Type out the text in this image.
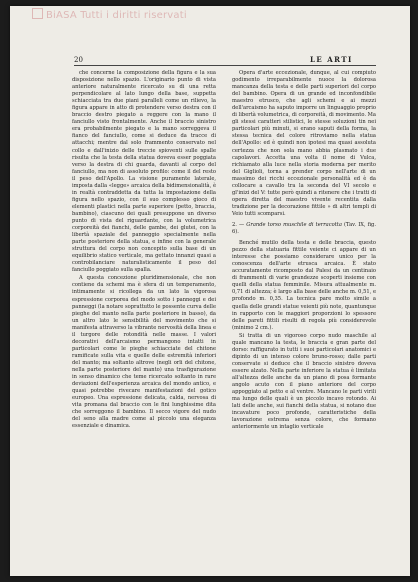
BiASA Tutti i diritti riservati
20	LE ARTI

che concerne la composizione della figura e la sua disposizione nello spazio. L'originario punto di vista anteriore naturalmente ricercato su di una retta perpendicolare al lato lungo della base, suppetta schiacciata tra due piani paralleli come un rilievo, la figura appare in atto di protendere verso destra con il braccio destro piegato a reggere con la mano il fanciullo visto frontalmente. Anche il braccio sinistro era probabilmente piegato e la mano sorreggeva il fianco del fanciullo, come si deduce da tracce di attacchi; mentre dal solo frammento conservato nel collo e dall'inizio delle treccie spioventi sulle spalle risulta che la testa della statua doveva esser poggiata verso la destra di chi guarda, davanti al corpo del fanciullo, ma non di assoluto profilo: come il del resto il peso dell'Apollo. La visione puramente laterale, imposta dalla «legge» arcaica della bidimensionalità, è in realtà contraddetta da tutta la impostazione della figura nello spazio, con il suo complesso gioco di elementi plastici nella parte superiore (petto, braccia, bambino), ciascuno dei quali presuppone un diverso punto di vista del riguardante, con la volumetrica corporeità dei fianchi, delle gambe, dei glutei, con la libertà spaziale del panneggio specialmente nella parte posteriore della statua, e infine con la generale struttura del corpo non concepito sulla base di un equilibrio statico verticale, ma gettato innanzi quasi a controbilanciare naturalisticamente il peso del fanciullo poggiato sulla spalla.

A questa concezione pluridimensionale, che non contiene da schemi ma è sfera di un temperamento, intimamente si ricollega da un lato la vigorosa espressione corporea del modo sotto i panneggi e dei panneggi (la notare soprattutto le possente curva delle pieghe del manto nella parte posteriore in basso), da un altro lato le sensibilità del movimento che si manifesta attraverso la vibrante nervosità della linea e il turgore delle rotondità nelle masse. I valori decorativi dell'arcaismo permangono intatti in particolari come le pieghe schiacciate del chitone ramificate sulla vita e quelle delle estremità inferiori del manto; ma soltanto altrove (negli orli del chitone, nella parte posteriore del manto) una trasfigurazione in senso dinamico che teme ricercato soltanto in rare deviazioni dell'esperienza arcaica del mondo antico, e quasi potrebbe rivecare manifestazioni del gotico europeo. Una espressione delicata, calda, nervosa di vita promana dal braccio con le fini lunghissime dita che sorreggono il bambino. Il secco vigore del nudo del seno alla madre come al piccolo una eleganza essenziale e dinamica.

Opera d'arte eccezionale, dunque, al cui compiuto godimento irreparabilmente nuoce la dolorosa mancanza della testa e delle parti superiori del corpo del bambino. Opera di un grande ed inconfondibile maestro etrusco, che agli schemi e ai mezzi dell'arcaismo ha saputo imporre un linguaggio proprio di libertà volumetrica, di corporeità, di movimento. Ma gli stessi caratteri stilistici, le stesse soluzioni tin nei particolari più minuti, si erano saputi della forma, la stessa tecnica del colore ritroviamo nella statua dell'Apollo: ed è quindi non ipotesi ma quasi assoluta certezza che non sola mano abbia plasmato i due capolavori. Accetta una volta il nome di Vulca, richiamato alla luce nella storia moderna per merito del Giglioli, torna a prender corpo nell'arte di un massimo dei ricchi eccezionale personalità ed è da collocare a cavallo tra la seconda del VI secolo e gl'inizi del V: tutte però quindi a ritenere che i tratti di opera diretta del maestro vivente recentita dalla tradizione per la decorazione fittile » di altri templi di Veio tutti scomparsi.

2. — Grande torso muschile di terracotta (Tav. IX, fig. 6).

Benché mutilo della testa e delle braccia, questo pezzo della statuaria fittile veiente ci appare di un interesse che possiamo considerare unico per la conoscenza dell'arte etrusca arcaica. È stato accuratamente ricomposto dal Palesi da un centinaio di frammenti di varie grandezze scoperti insieme con quelli della statua femminile. Misura attualmente m. 0,71 di altezza; è largo alla base delle anche m. 0,51, e profondo m. 0,35. La tecnica pare molto simile a quella delle grandi statue veienti più note, quantunque in rapporto con le maggiori proporzioni lo spessore delle pareti fittili risulti di regola più considerevole (minimo 2 cm.).

Si tratta di un vigoroso corpo nudo maschile al quale mancano la testa, le braccia e gran parte del dorso: raffigurato in tutti i suoi particolari anatomici e dipinto di un intenso colore bruno-rosso; dalle parti conservate si deduce che il braccio sinistro doveva essere alzato. Nella parte inferiore la statua è limitata all'altezza delle anche da un piano di posa formante angolo acuto con il piano anteriore del corpo appoggiato al petto e al ventre. Mancano le parti virili ma lungo delle quali è un piccolo incavo rotondo. Ai lati delle anche, sui fianchi della statua, si notano due incavature poco profonde, caratteristiche della lavorazione estrema senza colore, che formano anteriormente un intaglio verticale
